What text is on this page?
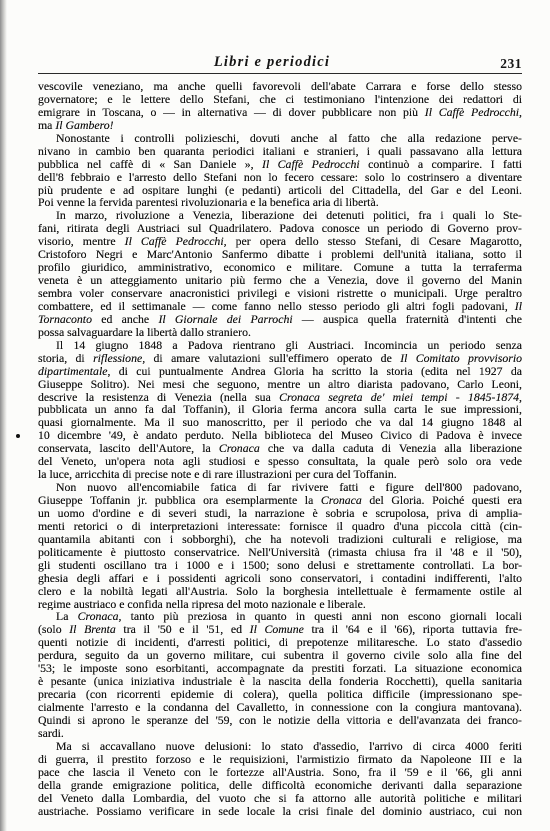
Libri e periodici	231
vescovile veneziano, ma anche quelli favorevoli dell'abate Carrara e forse dello stesso
governatore; e le lettere dello Stefani, che ci testimoniano l'intenzione dei redattori di
emigrare in Toscana, o — in alternativa — di dover pubblicare non più Il Caffè Pedrocchi,
ma Il Gambero!
Nonostante i controlli polizieschi, dovuti anche al fatto che alla redazione perve-
nivano in cambio ben quaranta periodici italiani e stranieri, i quali passavano alla lettura
pubblica nel caffè di « San Daniele », Il Caffè Pedrocchi continuò a comparire. I fatti
dell'8 febbraio e l'arresto dello Stefani non lo fecero cessare: solo lo costrinsero a diventare
più prudente e ad ospitare lunghi (e pedanti) articoli del Cittadella, del Gar e del Leoni.
Poi venne la fervida parentesi rivoluzionaria e la benefica aria di libertà.
In marzo, rivoluzione a Venezia, liberazione dei detenuti politici, fra i quali lo Ste-
fani, ritirata degli Austriaci sul Quadrilatero. Padova conosce un periodo di Governo prov-
visorio, mentre Il Caffè Pedrocchi, per opera dello stesso Stefani, di Cesare Magarotto,
Cristoforo Negri e Marc'Antonio Sanfermo dibatte i problemi dell'unità italiana, sotto il
profilo giuridico, amministrativo, economico e militare. Comune a tutta la terraferma
veneta è un atteggiamento unitario più fermo che a Venezia, dove il governo del Manin
sembra voler conservare anacronistici privilegi e visioni ristrette o municipali. Urge peraltro
combattere, ed il settimanale — come fanno nello stesso periodo gli altri fogli padovani, Il
Tornaconto ed anche Il Giornale dei Parrochi — auspica quella fraternità d'intenti che
possa salvaguardare la libertà dallo straniero.
Il 14 giugno 1848 a Padova rientrano gli Austriaci. Incomincia un periodo senza
storia, di riflessione, di amare valutazioni sull'effimero operato de Il Comitato provvisorio
dipartimentale, di cui puntualmente Andrea Gloria ha scritto la storia (edita nel 1927 da
Giuseppe Solitro). Nei mesi che seguono, mentre un altro diarista padovano, Carlo Leoni,
descrive la resistenza di Venezia (nella sua Cronaca segreta de' miei tempi - 1845-1874,
pubblicata un anno fa dal Toffanin), il Gloria ferma ancora sulla carta le sue impressioni,
quasi giornalmente. Ma il suo manoscritto, per il periodo che va dal 14 giugno 1848 al
10 dicembre '49, è andato perduto. Nella biblioteca del Museo Civico di Padova è invece
conservata, lascito dell'Autore, la Cronaca che va dalla caduta di Venezia alla liberazione
del Veneto, un'opera nota agli studiosi e spesso consultata, la quale però solo ora vede
la luce, arricchita di precise note e di rare illustrazioni per cura del Toffanin.
Non nuovo all'encomiabile fatica di far rivivere fatti e figure dell'800 padovano,
Giuseppe Toffanin jr. pubblica ora esemplarmente la Cronaca del Gloria. Poiché questi era
un uomo d'ordine e di severi studi, la narrazione è sobria e scrupolosa, priva di amplia-
menti retorici o di interpretazioni interessate: fornisce il quadro d'una piccola città (cin-
quantamila abitanti con i sobborghi), che ha notevoli tradizioni culturali e religiose, ma
politicamente è piuttosto conservatrice. Nell'Università (rimasta chiusa fra il '48 e il '50),
gli studenti oscillano tra i 1000 e i 1500; sono delusi e strettamente controllati. La bor-
ghesia degli affari e i possidenti agricoli sono conservatori, i contadini indifferenti, l'alto
clero e la nobiltà legati all'Austria. Solo la borghesia intellettuale è fermamente ostile al
regime austriaco e confida nella ripresa del moto nazionale e liberale.
La Cronaca, tanto più preziosa in quanto in questi anni non escono giornali locali
(solo Il Brenta tra il '50 e il '51, ed Il Comune tra il '64 e il '66), riporta tuttavia fre-
quenti notizie di incidenti, d'arresti politici, di prepotenze militaresche. Lo stato d'assedio
perdura, seguito da un governo militare, cui subentra il governo civile solo alla fine del
'53; le imposte sono esorbitanti, accompagnate da prestiti forzati. La situazione economica
è pesante (unica iniziativa industriale è la nascita della fonderia Rocchetti), quella sanitaria
precaria (con ricorrenti epidemie di colera), quella politica difficile (impressionano spe-
cialmente l'arresto e la condanna del Cavalletto, in connessione con la congiura mantovana).
Quindi si aprono le speranze del '59, con le notizie della vittoria e dell'avanzata dei franco-
sardi.
Ma si accavallano nuove delusioni: lo stato d'assedio, l'arrivo di circa 4000 feriti
di guerra, il prestito forzoso e le requisizioni, l'armistizio firmato da Napoleone III e la
pace che lascia il Veneto con le fortezze all'Austria. Sono, fra il '59 e il '66, gli anni
della grande emigrazione politica, delle difficoltà economiche derivanti dalla separazione
del Veneto dalla Lombardia, del vuoto che si fa attorno alle autorità politiche e militari
austriache. Possiamo verificare in sede locale la crisi finale del dominio austriaco, cui non
